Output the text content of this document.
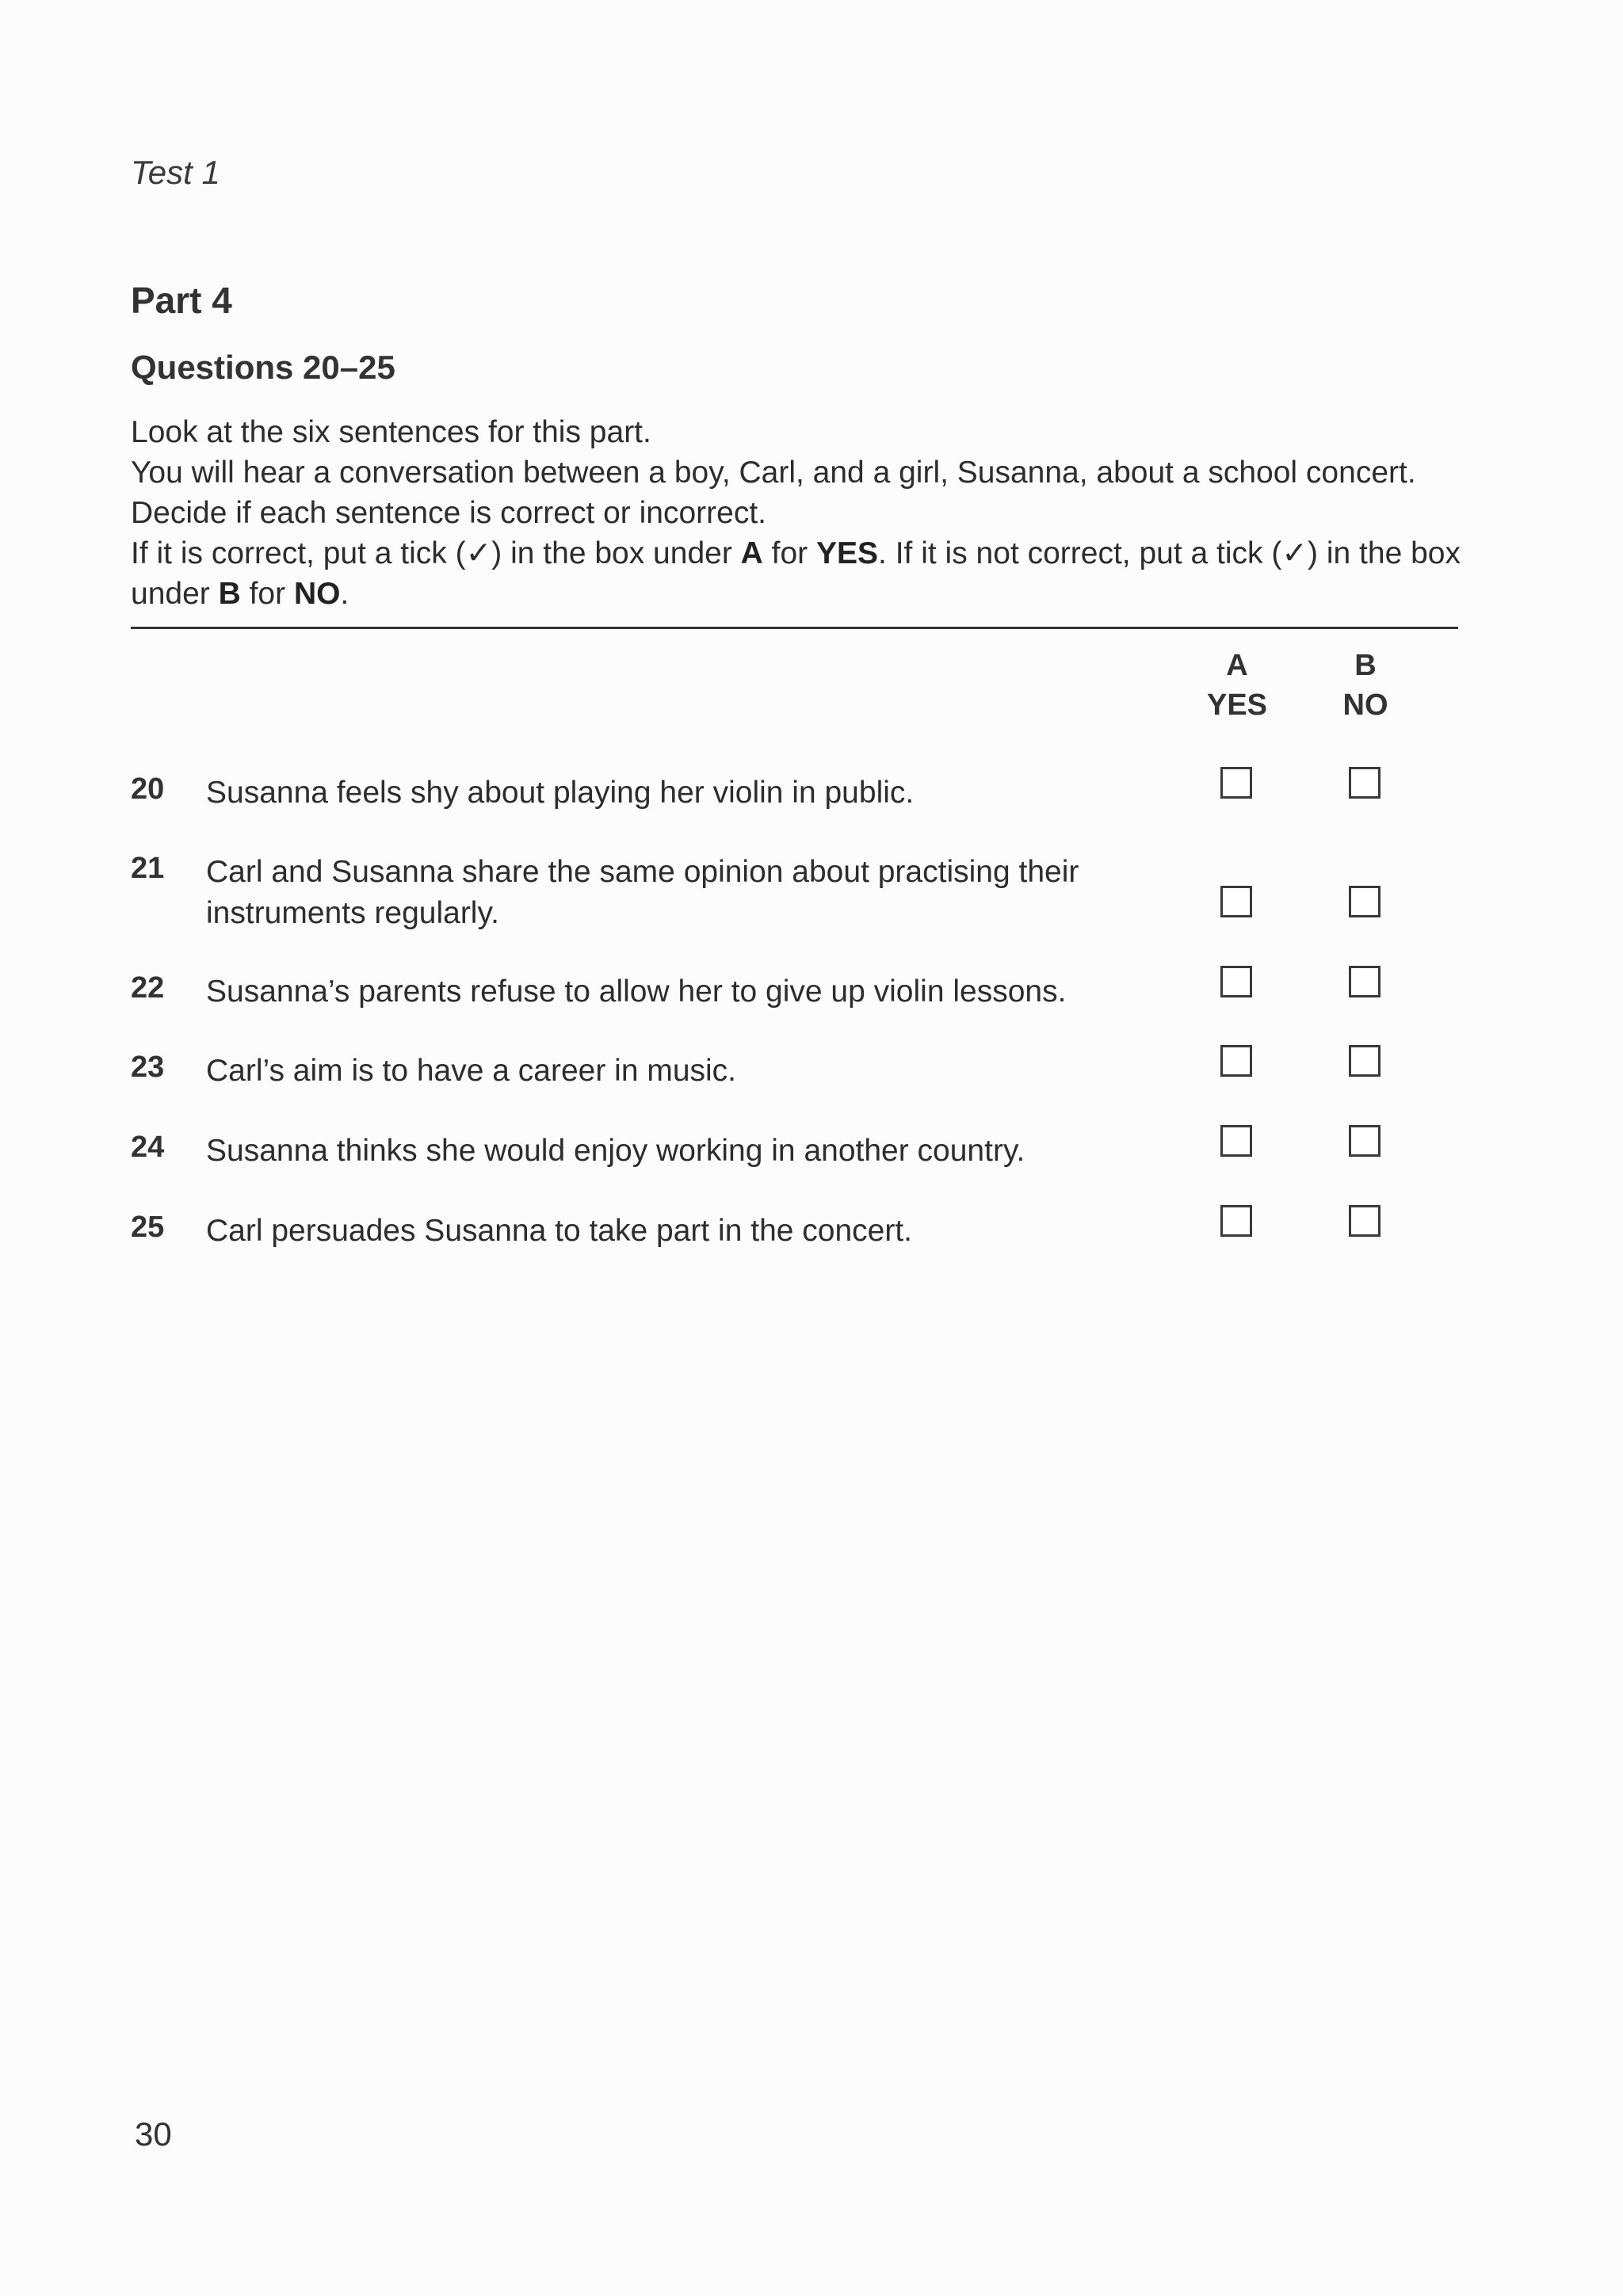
Test 1
Part 4
Questions 20–25
Look at the six sentences for this part.
You will hear a conversation between a boy, Carl, and a girl, Susanna, about a school concert.
Decide if each sentence is correct or incorrect.
If it is correct, put a tick (✓) in the box under A for YES. If it is not correct, put a tick (✓) in the box
under B for NO.
A
YES
B
NO
20 Susanna feels shy about playing her violin in public.
21 Carl and Susanna share the same opinion about practising their
instruments regularly.
22 Susanna’s parents refuse to allow her to give up violin lessons.
23 Carl’s aim is to have a career in music.
24 Susanna thinks she would enjoy working in another country.
25 Carl persuades Susanna to take part in the concert.
30
